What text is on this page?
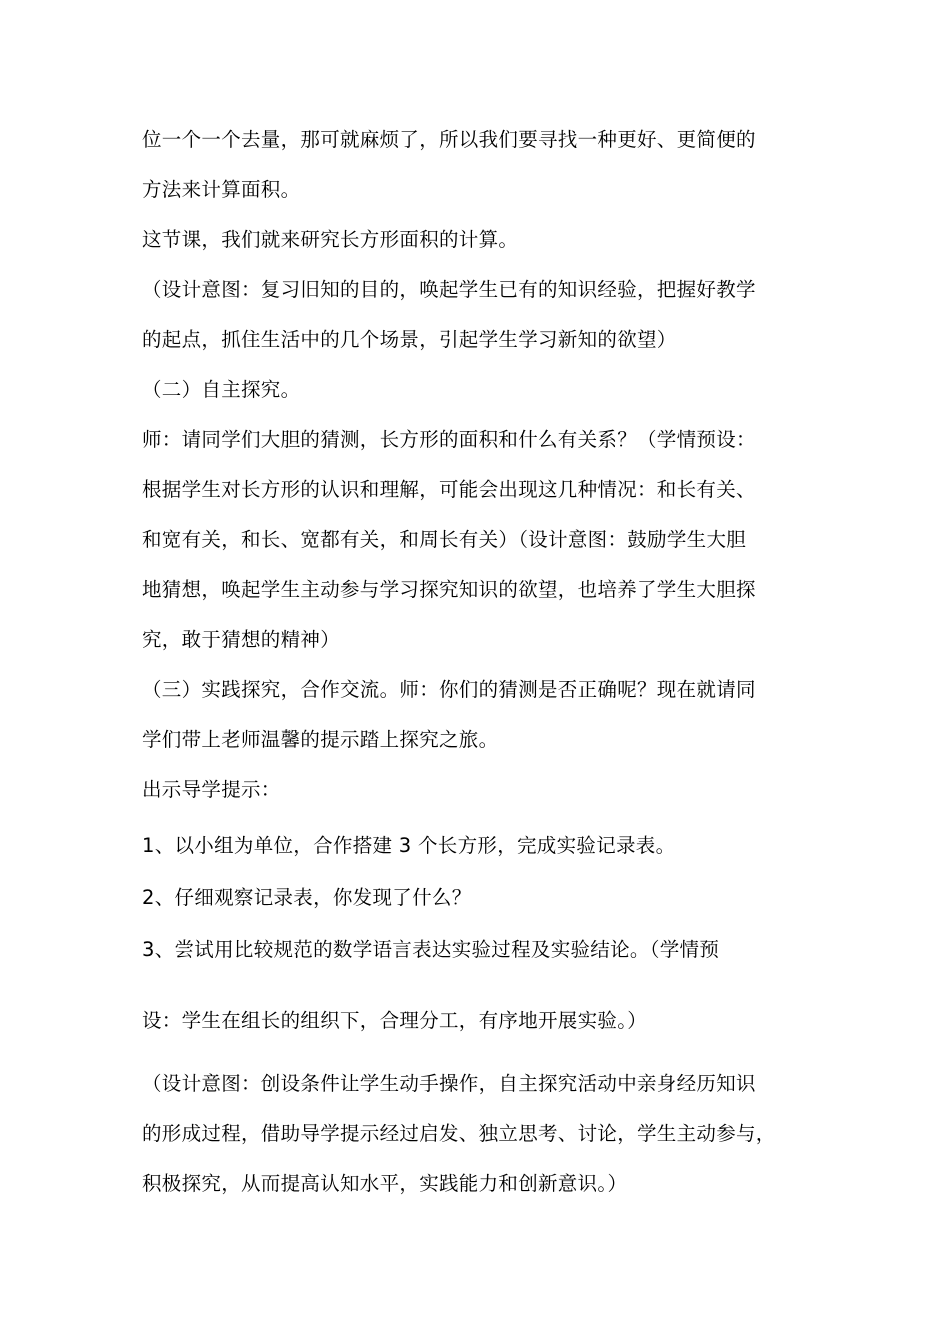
位一个一个去量，那可就麻烦了，所以我们要寻找一种更好、更简便的

方法来计算面积。

这节课，我们就来研究长方形面积的计算。

（设计意图：复习旧知的目的，唤起学生已有的知识经验，把握好教学

的起点，抓住生活中的几个场景，引起学生学习新知的欲望）

（二）自主探究。

师：请同学们大胆的猜测，长方形的面积和什么有关系？（学情预设：

根据学生对长方形的认识和理解，可能会出现这几种情况：和长有关、

和宽有关，和长、宽都有关，和周长有关）（设计意图：鼓励学生大胆

地猜想，唤起学生主动参与学习探究知识的欲望，也培养了学生大胆探

究，敢于猜想的精神）

（三）实践探究，合作交流。师：你们的猜测是否正确呢？现在就请同

学们带上老师温馨的提示踏上探究之旅。

出示导学提示：

1、以小组为单位，合作搭建 3 个长方形，完成实验记录表。

2、仔细观察记录表，你发现了什么？

3、尝试用比较规范的数学语言表达实验过程及实验结论。（学情预

设：学生在组长的组织下，合理分工，有序地开展实验。）

（设计意图：创设条件让学生动手操作，自主探究活动中亲身经历知识

的形成过程，借助导学提示经过启发、独立思考、讨论，学生主动参与，

积极探究，从而提高认知水平，实践能力和创新意识。）
